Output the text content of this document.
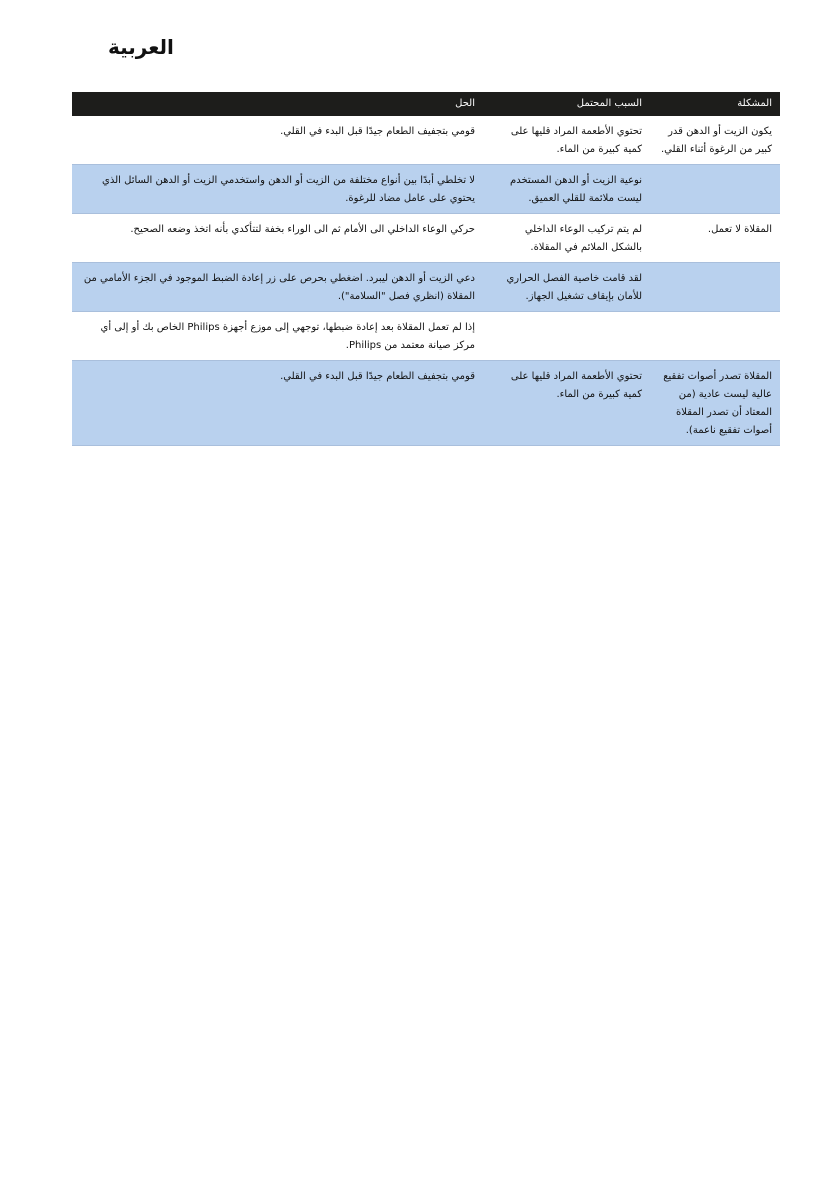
العربية
المشكلة	السبب المحتمل	الحل
يكون الزيت أو الدهن قدر كبير من الرغوة أثناء القلي.	تحتوي الأطعمة المراد قليها على كمية كبيرة من الماء.	قومي بتجفيف الطعام جيدًا قبل البدء في القلي.
	نوعية الزيت أو الدهن المستخدم ليست ملائمة للقلي العميق.	لا تخلطي أبدًا بين أنواع مختلفة من الزيت أو الدهن واستخدمي الزيت أو الدهن السائل الذي يحتوي على عامل مضاد للرغوة.
المقلاة لا تعمل.	لم يتم تركيب الوعاء الداخلي بالشكل الملائم في المقلاة.	حركي الوعاء الداخلي الى الأمام ثم الى الوراء بخفة لتتأكدي بأنه اتخذ وضعه الصحيح.
	لقد قامت خاصية الفصل الحراري للأمان بإيقاف تشغيل الجهاز.	دعي الزيت أو الدهن ليبرد. اضغطي بحرص على زر إعادة الضبط الموجود في الجزء الأمامي من المقلاة (انظري فصل "السلامة").
		إذا لم تعمل المقلاة بعد إعادة ضبطها، توجهي إلى موزع أجهزة Philips الخاص بك أو إلى أي مركز صيانة معتمد من Philips.
المقلاة تصدر أصوات تفقيع عالية ليست عادية (من المعتاد أن تصدر المقلاة أصوات تفقيع ناعمة).	تحتوي الأطعمة المراد قليها على كمية كبيرة من الماء.	قومي بتجفيف الطعام جيدًا قبل البدء في القلي.
